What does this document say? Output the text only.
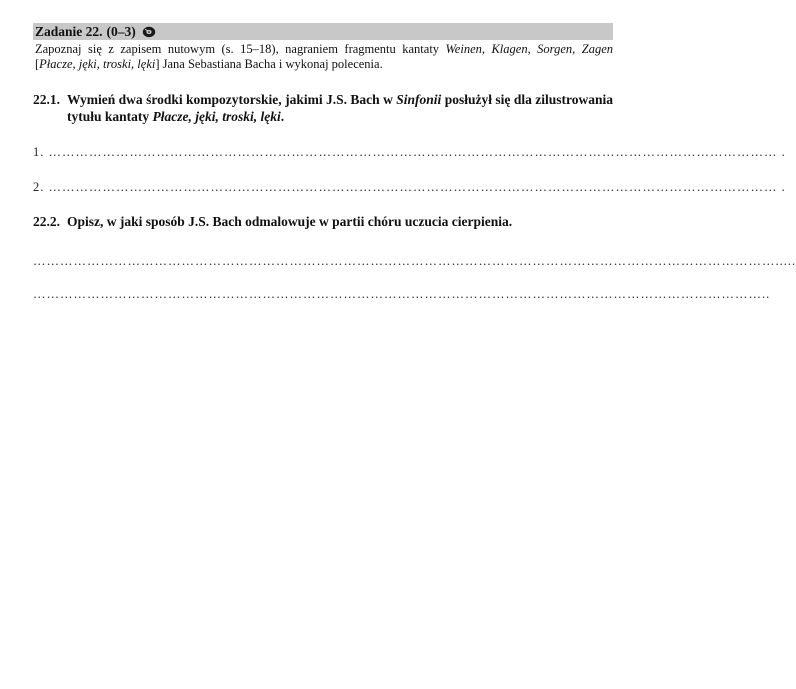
Zadanie 22. (0–3)
Zapoznaj się z zapisem nutowym (s. 15–18), nagraniem fragmentu kantaty Weinen, Klagen, Sorgen, Zagen [Płacze, jęki, troski, lęki] Jana Sebastiana Bacha i wykonaj polecenia.
22.1. Wymień dwa środki kompozytorskie, jakimi J.S. Bach w Sinfonii posłużył się dla zilustrowania tytułu kantaty Płacze, jęki, troski, lęki.
1. ……………………………………………………………………………………………………………………………………………… .
2. ……………………………………………………………………………………………………………………………………………… .
22.2. Opisz, w jaki sposób J.S. Bach odmalowuje w partii chóru uczucia cierpienia.
………………………………………………………………………………………………………………………………………………….....
………………………………………………………………………………………………………………………………………………..
